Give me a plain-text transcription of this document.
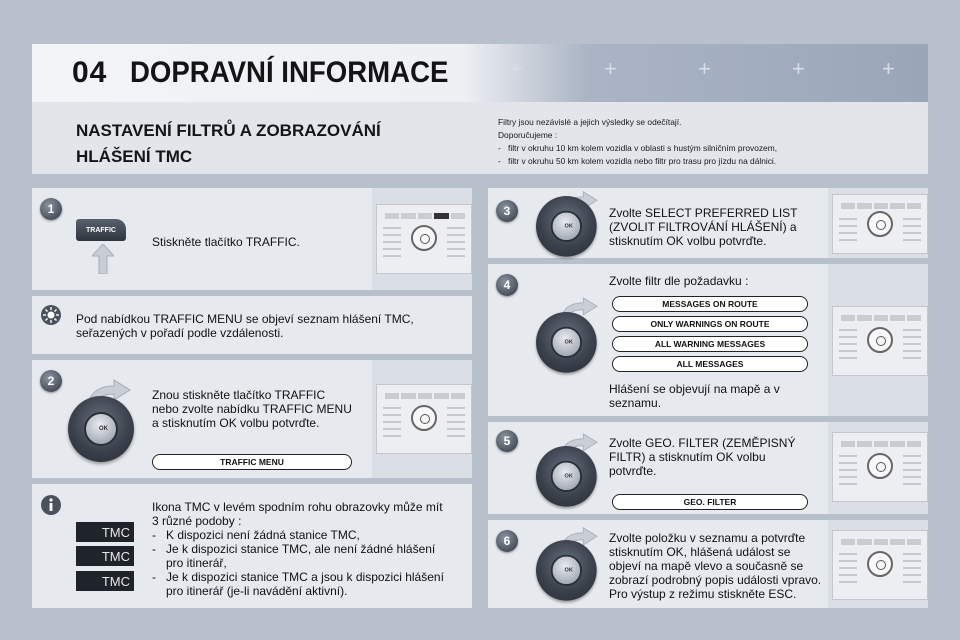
+	+	+	+	+
04 DOPRAVNÍ INFORMACE
NASTAVENÍ FILTRŮ A ZOBRAZOVÁNÍ
HLÁŠENÍ TMC
Filtry jsou nezávislé a jejich výsledky se odečítají.
Doporučujeme :
- filtr v okruhu 10 km kolem vozidla v oblasti s hustým silničním provozem,
- filtr v okruhu 50 km kolem vozidla nebo filtr pro trasu pro jízdu na dálnici.
1
TRAFFIC
Stiskněte tlačítko TRAFFIC.
Pod nabídkou TRAFFIC MENU se objeví seznam hlášení TMC,
seřazených v pořadí podle vzdálenosti.
2
OK
Znou stiskněte tlačítko TRAFFIC
nebo zvolte nabídku TRAFFIC MENU
a stisknutím OK volbu potvrďte.
TRAFFIC MENU
TMC
TMC
TMC
Ikona TMC v levém spodním rohu obrazovky může mít
3 různé podoby :
- K dispozici není žádná stanice TMC,
- Je k dispozici stanice TMC, ale není žádné hlášení
pro itinerář,
- Je k dispozici stanice TMC a jsou k dispozici hlášení
pro itinerář (je-li navádění aktivní).
3
OK
Zvolte SELECT PREFERRED LIST
(ZVOLIT FILTROVÁNÍ HLÁŠENÍ) a
stisknutím OK volbu potvrďte.
4
OK
Zvolte filtr dle požadavku :
MESSAGES ON ROUTE
ONLY WARNINGS ON ROUTE
ALL WARNING MESSAGES
ALL MESSAGES
Hlášení se objevují na mapě a v
seznamu.
5
OK
Zvolte GEO. FILTER (ZEMĚPISNÝ
FILTR) a stisknutím OK volbu
potvrďte.
GEO. FILTER
6
OK
Zvolte položku v seznamu a potvrďte
stisknutím OK, hlášená událost se
objeví na mapě vlevo a současně se
zobrazí podrobný popis události vpravo.
Pro výstup z režimu stiskněte ESC.
